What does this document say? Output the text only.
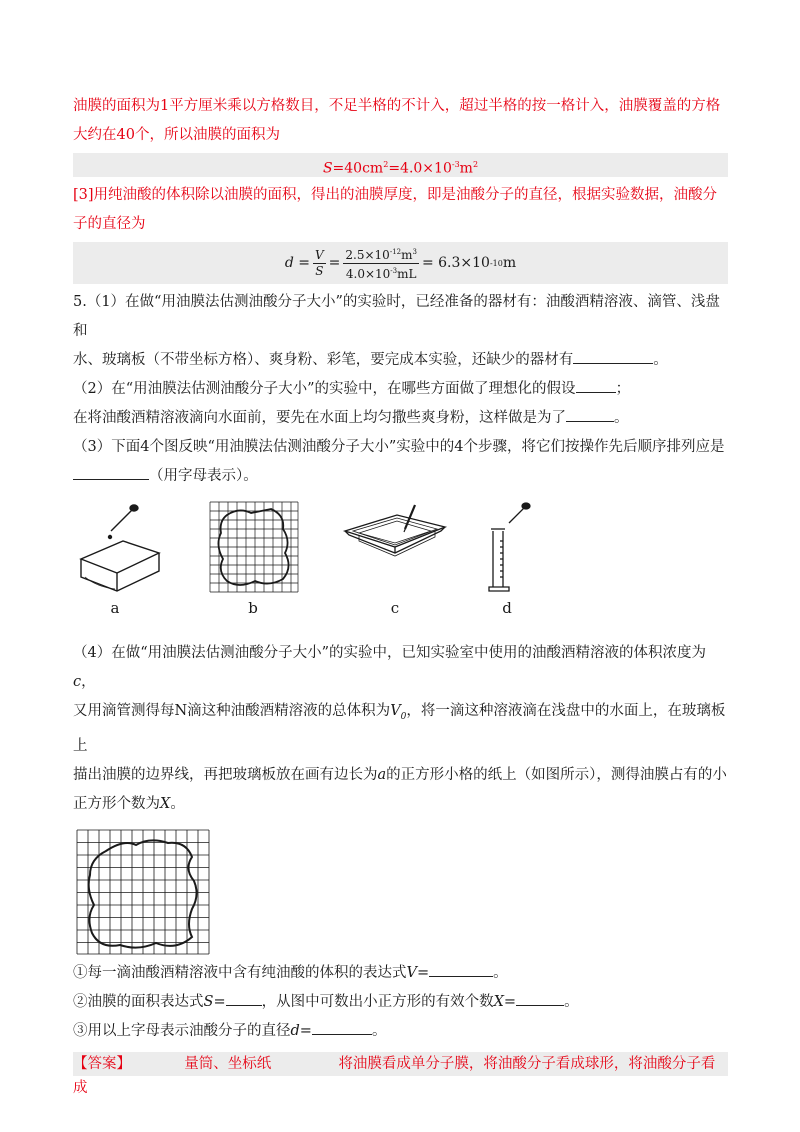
油膜的面积为1平方厘米乘以方格数目，不足半格的不计入，超过半格的按一格计入，油膜覆盖的方格大约在40个，所以油膜的面积为

$S=40cm^2=4.0\times 10^{-3}m^2$

[3]用纯油酸的体积除以油膜的面积，得出的油膜厚度，即是油酸分子的直径，根据实验数据，油酸分子的直径为

$d = \frac{V}{S} = \frac{2.5\times 10^{-12}m^3}{4.0\times 10^{-3}mL} = 6.3\times 10$ -10 m

5.（1）在做“用油膜法估测油酸分子大小”的实验时，已经准备的器材有：油酸酒精溶液、滴管、浅盘和
水、玻璃板（不带坐标方格）、爽身粉、彩笔，要完成本实验，还缺少的器材有	。

（2）在“用油膜法估测油酸分子大小”的实验中，在哪些方面做了理想化的假设	；
在将油酸酒精溶液滴向水面前，要先在水面上均匀撒些爽身粉，这样做是为了	。

（3）下面4个图反映“用油膜法估测油酸分子大小”实验中的4个步骤，将它们按操作先后顺序排列应是
（用字母表示）。

a	b	c	d

（4）在做“用油膜法估测油酸分子大小”的实验中，已知实验室中使用的油酸酒精溶液的体积浓度为c，
又用滴管测得每N滴这种油酸酒精溶液的总体积为$V_0$，将一滴这种溶液滴在浅盘中的水面上，在玻璃板上
描出油膜的边界线，再把玻璃板放在画有边长为a的正方形小格的纸上（如图所示），测得油膜占有的小
正方形个数为X。

①每一滴油酸酒精溶液中含有纯油酸的体积的表达式V=	。
②油膜的面积表达式S= ，从图中可数出小正方形的有效个数X=	。
③用以上字母表示油酸分子的直径d=	。

【答案】	量筒、坐标纸	将油膜看成单分子膜，将油酸分子看成球形，将油酸分子看成
